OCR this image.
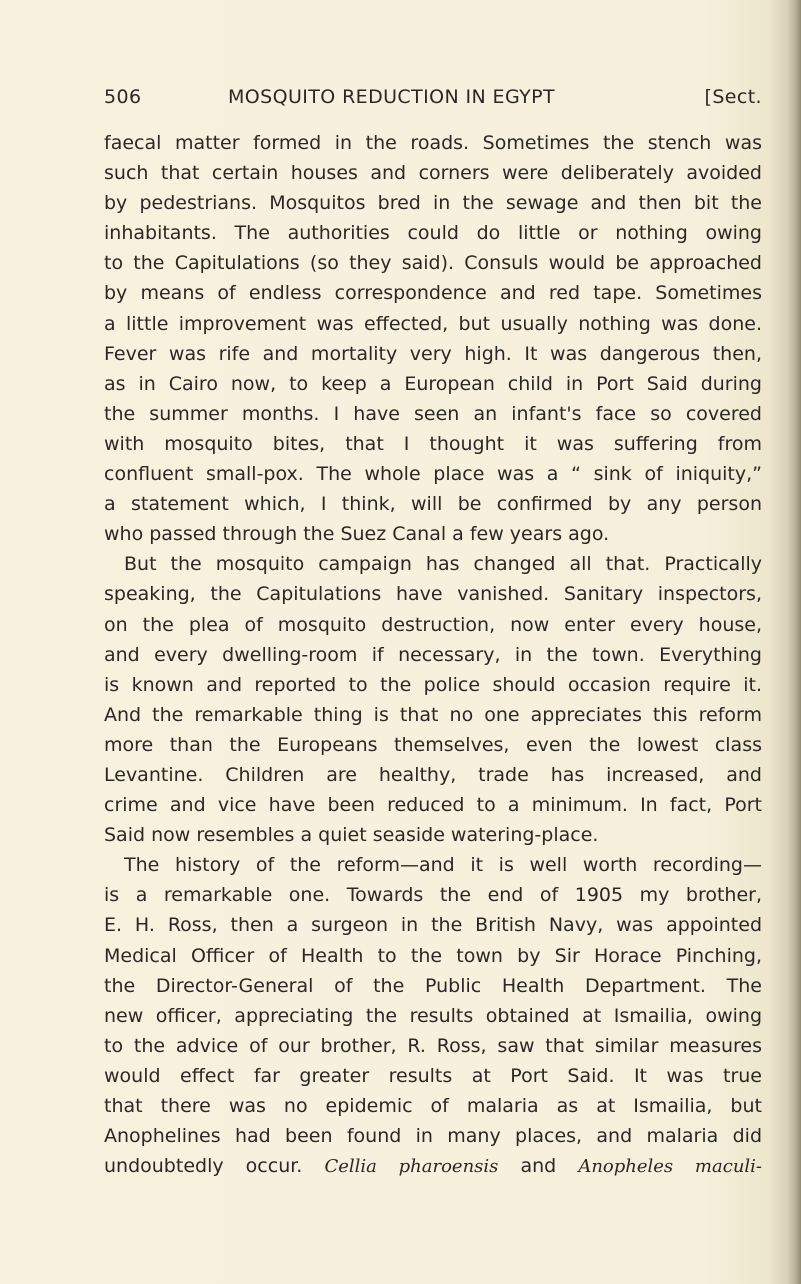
506	MOSQUITO REDUCTION IN EGYPT	[Sect.
faecal matter formed in the roads. Sometimes the stench was
such that certain houses and corners were deliberately avoided
by pedestrians. Mosquitos bred in the sewage and then bit the
inhabitants. The authorities could do little or nothing owing
to the Capitulations (so they said). Consuls would be approached
by means of endless correspondence and red tape. Sometimes
a little improvement was effected, but usually nothing was done.
Fever was rife and mortality very high. It was dangerous then,
as in Cairo now, to keep a European child in Port Said during
the summer months. I have seen an infant's face so covered
with mosquito bites, that I thought it was suffering from
confluent small-pox. The whole place was a “ sink of iniquity,”
a statement which, I think, will be confirmed by any person
who passed through the Suez Canal a few years ago.
But the mosquito campaign has changed all that. Practically
speaking, the Capitulations have vanished. Sanitary inspectors,
on the plea of mosquito destruction, now enter every house,
and every dwelling-room if necessary, in the town. Everything
is known and reported to the police should occasion require it.
And the remarkable thing is that no one appreciates this reform
more than the Europeans themselves, even the lowest class
Levantine. Children are healthy, trade has increased, and
crime and vice have been reduced to a minimum. In fact, Port
Said now resembles a quiet seaside watering-place.
The history of the reform—and it is well worth recording—
is a remarkable one. Towards the end of 1905 my brother,
E. H. Ross, then a surgeon in the British Navy, was appointed
Medical Officer of Health to the town by Sir Horace Pinching,
the Director-General of the Public Health Department. The
new officer, appreciating the results obtained at Ismailia, owing
to the advice of our brother, R. Ross, saw that similar measures
would effect far greater results at Port Said. It was true
that there was no epidemic of malaria as at Ismailia, but
Anophelines had been found in many places, and malaria did
undoubtedly occur. Cellia pharoensis and Anopheles maculi-
